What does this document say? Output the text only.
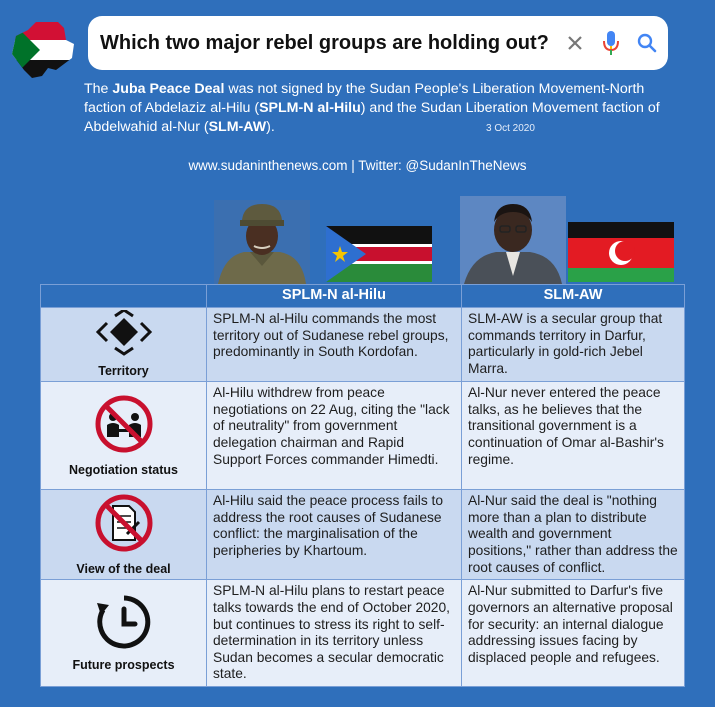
Which two major rebel groups are holding out?
The Juba Peace Deal was not signed by the Sudan People's Liberation Movement-North faction of Abdelaziz al-Hilu (SPLM-N al-Hilu) and the Sudan Liberation Movement faction of Abdelwahid al-Nur (SLM-AW).	3 Oct 2020
www.sudaninthenews.com | Twitter: @SudanInTheNews
	SPLM-N al-Hilu	SLM-AW

Territory	SPLM-N al-Hilu commands the most territory out of Sudanese rebel groups, predominantly in South Kordofan.	SLM-AW is a secular group that commands territory in Darfur, particularly in gold-rich Jebel Marra.

Negotiation status	Al-Hilu withdrew from peace negotiations on 22 Aug, citing the "lack of neutrality" from government delegation chairman and Rapid Support Forces commander Himedti.	Al-Nur never entered the peace talks, as he believes that the transitional government is a continuation of Omar al-Bashir's regime.

View of the deal	Al-Hilu said the peace process fails to address the root causes of Sudanese conflict: the marginalisation of the peripheries by Khartoum.	Al-Nur said the deal is "nothing more than a plan to distribute wealth and government positions," rather than address the root causes of conflict.

Future prospects	SPLM-N al-Hilu plans to restart peace talks towards the end of October 2020, but continues to stress its right to self-determination in its territory unless Sudan becomes a secular democratic state.	Al-Nur submitted to Darfur's five governors an alternative proposal for security: an internal dialogue addressing issues facing by displaced people and refugees.
